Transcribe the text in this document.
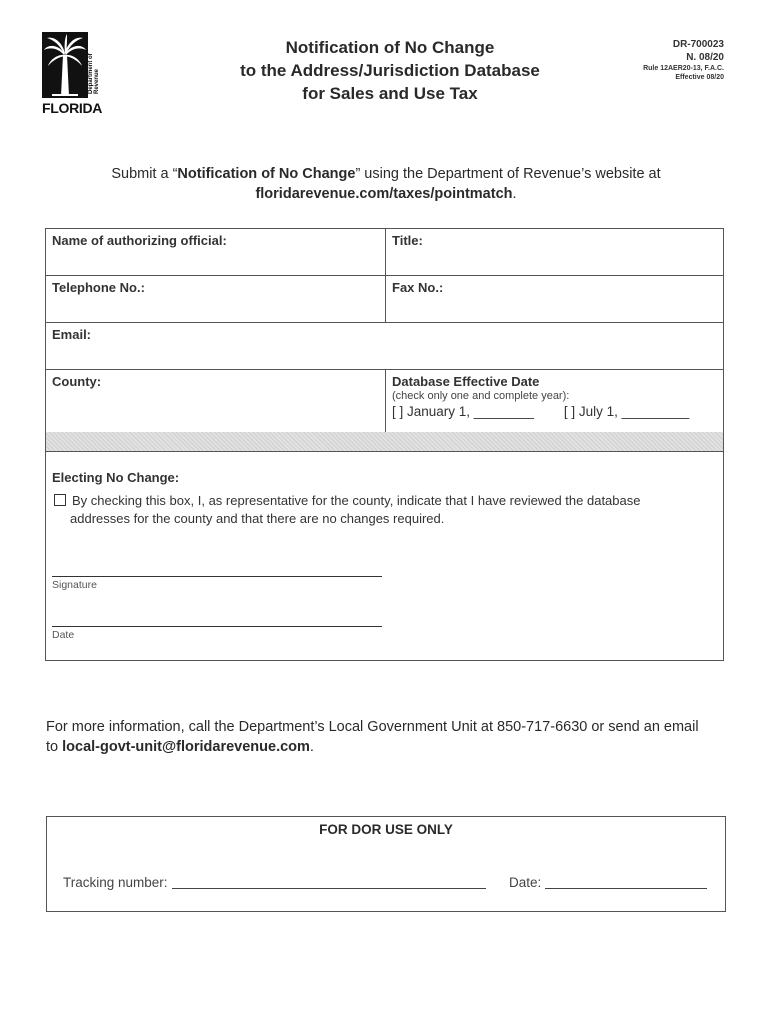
Department of Revenue
FLORIDA
Notification of No Change
to the Address/Jurisdiction Database
for Sales and Use Tax
DR-700023
N. 08/20
Rule 12AER20-13, F.A.C.
Effective 08/20
Submit a “Notification of No Change” using the Department of Revenue’s website at
floridarevenue.com/taxes/pointmatch.
Name of authorizing official:	Title:
Telephone No.:	Fax No.:
Email:
County:	Database Effective Date
(check only one and complete year):
[ ] January 1, ________ [ ] July 1, _________
Electing No Change:
By checking this box, I, as representative for the county, indicate that I have reviewed the database
addresses for the county and that there are no changes required.
Signature
Date
For more information, call the Department’s Local Government Unit at 850-717-6630 or send an email
to local-govt-unit@floridarevenue.com.
FOR DOR USE ONLY
Tracking number:	Date:
